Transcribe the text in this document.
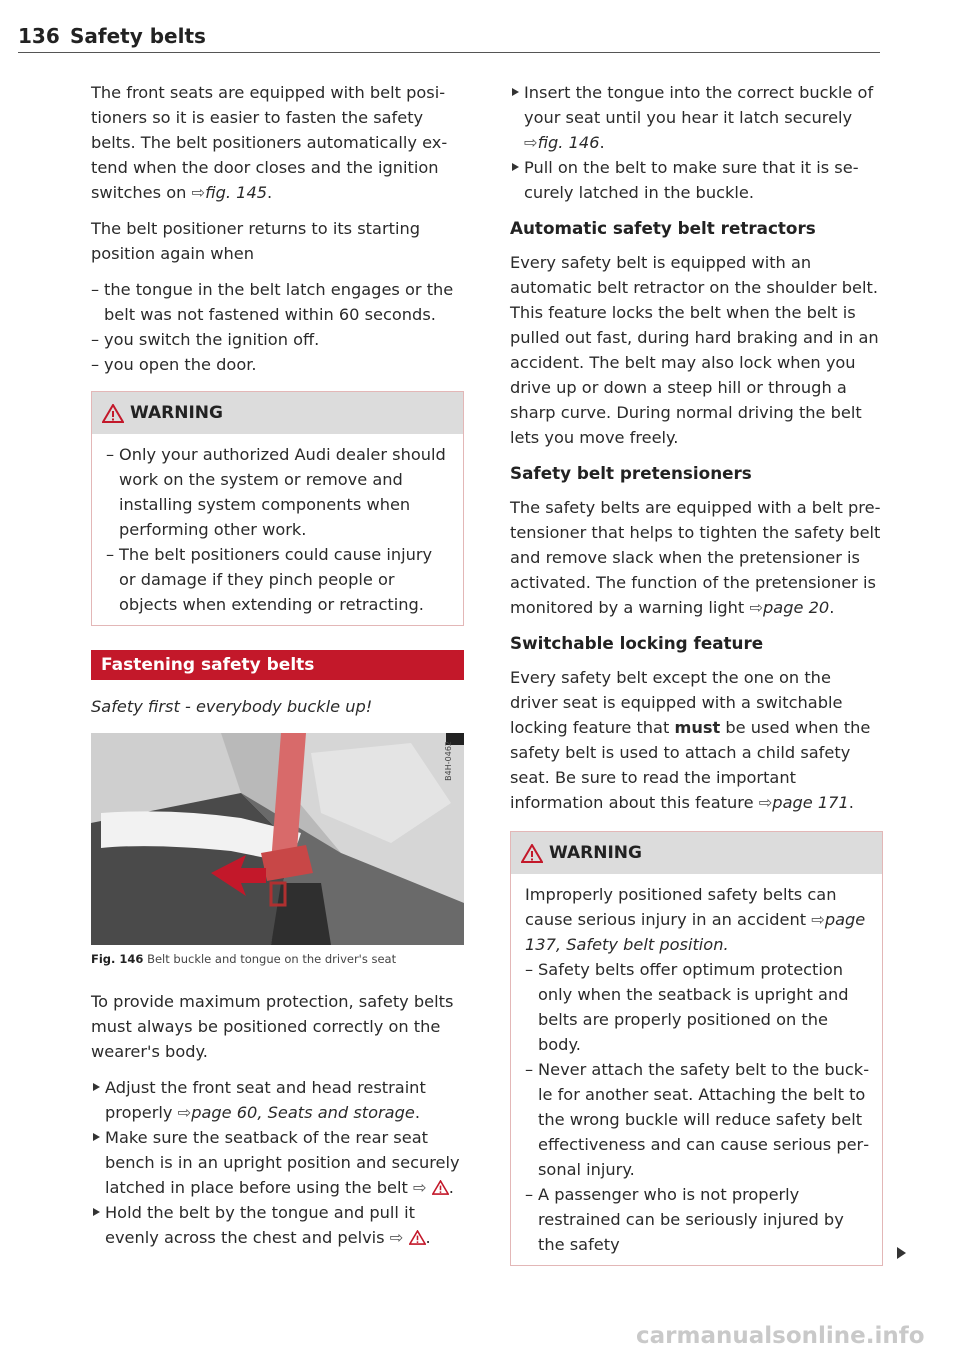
136 Safety belts

The front seats are equipped with belt positioners so it is easier to fasten the safety belts. The belt positioners automatically extend when the door closes and the ignition switches on ⇨fig. 145.

The belt positioner returns to its starting position again when

– the tongue in the belt latch engages or the belt was not fastened within 60 seconds.
– you switch the ignition off.
– you open the door.
WARNING
– Only your authorized Audi dealer should work on the system or remove and installing system components when performing other work.
– The belt positioners could cause injury or damage if they pinch people or objects when extending or retracting.
Fastening safety belts

Safety first - everybody buckle up!

B4H-0462
Fig. 146 Belt buckle and tongue on the driver's seat

To provide maximum protection, safety belts must always be positioned correctly on the wearer's body.

Adjust the front seat and head restraint properly ⇨page 60, Seats and storage.
Make sure the seatback of the rear seat bench is in an upright position and securely latched in place before using the belt ⇨ .
Hold the belt by the tongue and pull it evenly across the chest and pelvis ⇨ .
Insert the tongue into the correct buckle of your seat until you hear it latch securely ⇨fig. 146.
Pull on the belt to make sure that it is securely latched in the buckle.
Automatic safety belt retractors

Every safety belt is equipped with an automatic belt retractor on the shoulder belt. This feature locks the belt when the belt is pulled out fast, during hard braking and in an accident. The belt may also lock when you drive up or down a steep hill or through a sharp curve. During normal driving the belt lets you move freely.

Safety belt pretensioners

The safety belts are equipped with a belt pretensioner that helps to tighten the safety belt and remove slack when the pretensioner is activated. The function of the pretensioner is monitored by a warning light ⇨page 20.

Switchable locking feature

Every safety belt except the one on the driver seat is equipped with a switchable locking feature that must be used when the safety belt is used to attach a child safety seat. Be sure to read the important information about this feature ⇨page 171.

WARNING

Improperly positioned safety belts can cause serious injury in an accident ⇨page 137, Safety belt position.

– Safety belts offer optimum protection only when the seatback is upright and belts are properly positioned on the body.
– Never attach the safety belt to the buckle for another seat. Attaching the belt to the wrong buckle will reduce safety belt effectiveness and can cause serious personal injury.
– A passenger who is not properly restrained can be seriously injured by the safety
carmanualsonline.info
